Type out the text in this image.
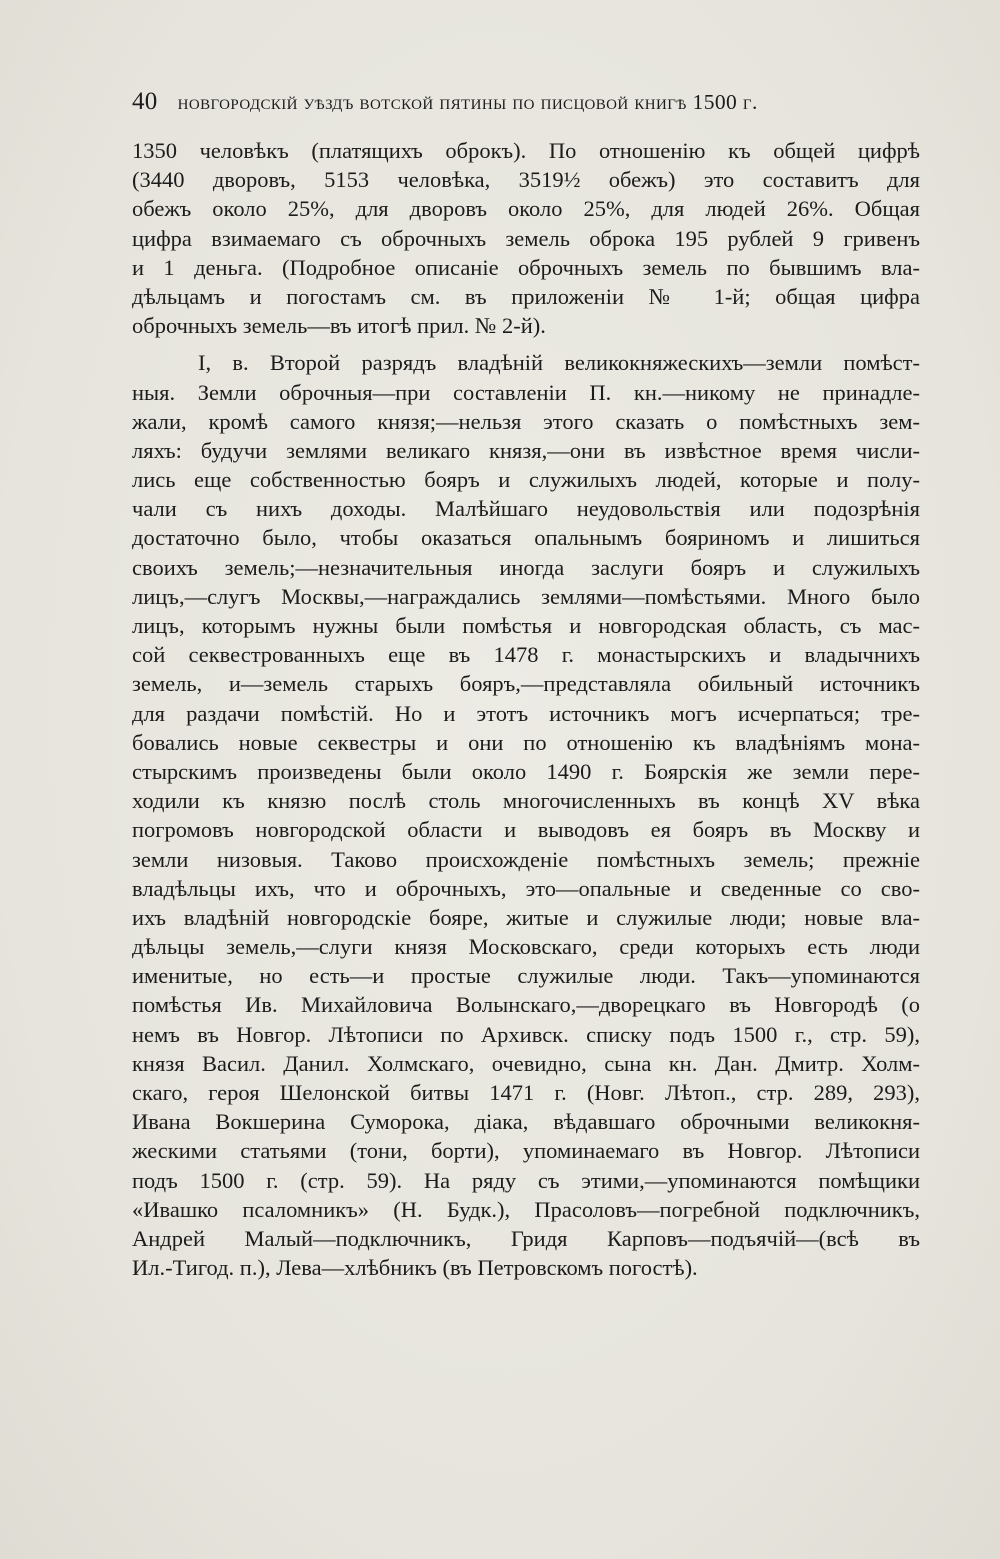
40 новгородскій уѣздъ вотской пятины по писцовой книгѣ 1500 г.
1350 человѣкъ (платящихъ оброкъ). По отношенію къ общей цифрѣ
(3440 дворовъ, 5153 человѣка, 3519½ обежъ) это составитъ для
обежъ около 25%, для дворовъ около 25%, для людей 26%. Общая
цифра взимаемаго съ оброчныхъ земель оброка 195 рублей 9 гривенъ
и 1 деньга. (Подробное описаніе оброчныхъ земель по бывшимъ вла-
дѣльцамъ и погостамъ см. въ приложеніи № 1-й; общая цифра
оброчныхъ земель—въ итогѣ прил. № 2-й).
I, в. Второй разрядъ владѣній великокняжескихъ—земли помѣст-
ныя. Земли оброчныя—при составленіи П. кн.—никому не принадле-
жали, кромѣ самого князя;—нельзя этого сказать о помѣстныхъ зем-
ляхъ: будучи землями великаго князя,—они въ извѣстное время числи-
лись еще собственностью бояръ и служилыхъ людей, которые и полу-
чали съ нихъ доходы. Малѣйшаго неудовольствія или подозрѣнія
достаточно было, чтобы оказаться опальнымъ бояриномъ и лишиться
своихъ земель;—незначительныя иногда заслуги бояръ и служилыхъ
лицъ,—слугъ Москвы,—награждались землями—помѣстьями. Много было
лицъ, которымъ нужны были помѣстья и новгородская область, съ мас-
сой секвестрованныхъ еще въ 1478 г. монастырскихъ и владычнихъ
земель, и—земель старыхъ бояръ,—представляла обильный источникъ
для раздачи помѣстій. Но и этотъ источникъ могъ исчерпаться; тре-
бовались новые секвестры и они по отношенію къ владѣніямъ мона-
стырскимъ произведены были около 1490 г. Боярскія же земли пере-
ходили къ князю послѣ столь многочисленныхъ въ концѣ XV вѣка
погромовъ новгородской области и выводовъ ея бояръ въ Москву и
земли низовыя. Таково происхожденіе помѣстныхъ земель; прежніе
владѣльцы ихъ, что и оброчныхъ, это—опальные и сведенные со сво-
ихъ владѣній новгородскіе бояре, житые и служилые люди; новые вла-
дѣльцы земель,—слуги князя Московскаго, среди которыхъ есть люди
именитые, но есть—и простые служилые люди. Такъ—упоминаются
помѣстья Ив. Михайловича Волынскаго,—дворецкаго въ Новгородѣ (о
немъ въ Новгор. Лѣтописи по Архивск. списку подъ 1500 г., стр. 59),
князя Васил. Данил. Холмскаго, очевидно, сына кн. Дан. Дмитр. Холм-
скаго, героя Шелонской битвы 1471 г. (Новг. Лѣтоп., стр. 289, 293),
Ивана Вокшерина Суморока, діака, вѣдавшаго оброчными великокня-
жескими статьями (тони, борти), упоминаемаго въ Новгор. Лѣтописи
подъ 1500 г. (стр. 59). На ряду съ этими,—упоминаются помѣщики
«Ивашко псаломникъ» (Н. Будк.), Прасоловъ—погребной подключникъ,
Андрей Малый—подключникъ, Гридя Карповъ—подъячій—(всѣ въ
Ил.-Тигод. п.), Лева—хлѣбникъ (въ Петровскомъ погостѣ).
